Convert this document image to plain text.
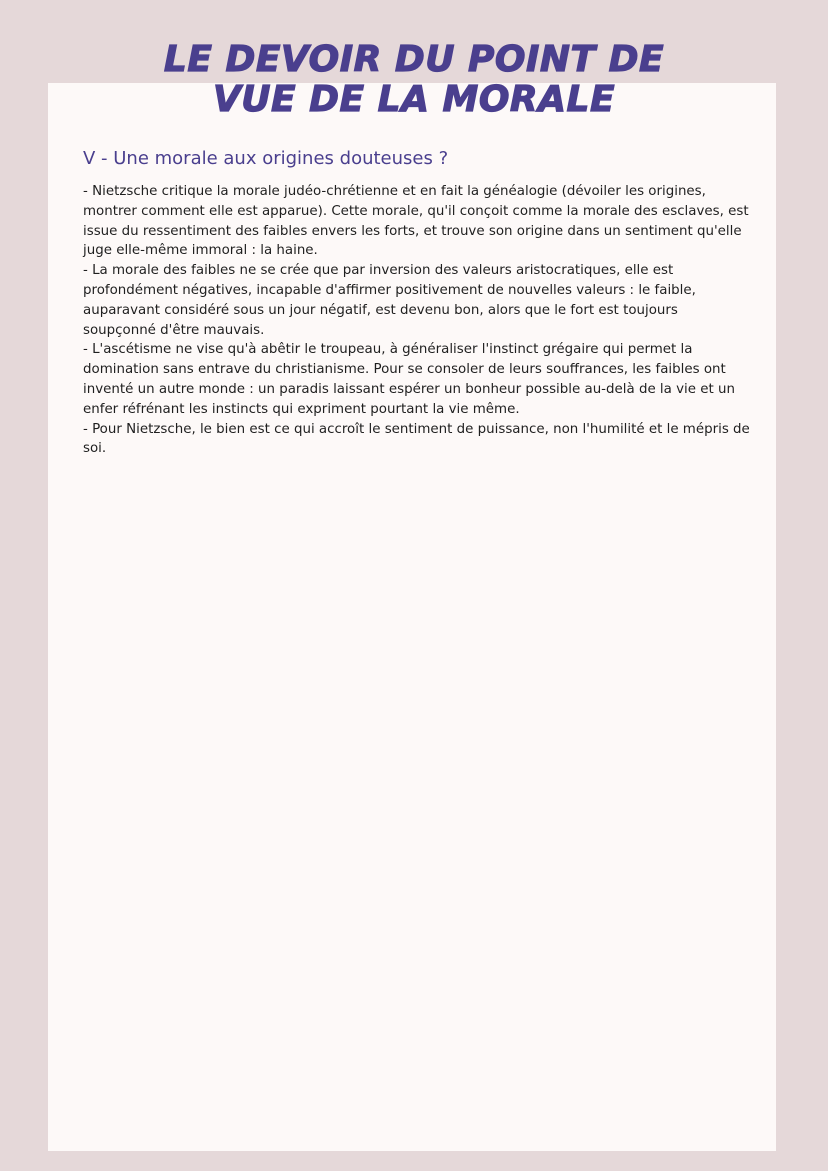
LE DEVOIR DU POINT DE
VUE DE LA MORALE
V - Une morale aux origines douteuses ?

- Nietzsche critique la morale judéo-chrétienne et en fait la généalogie (dévoiler les origines, montrer comment elle est apparue). Cette morale, qu'il conçoit comme la morale des esclaves, est issue du ressentiment des faibles envers les forts, et trouve son origine dans un sentiment qu'elle juge elle-même immoral : la haine.

- La morale des faibles ne se crée que par inversion des valeurs aristocratiques, elle est profondément négatives, incapable d'affirmer positivement de nouvelles valeurs : le faible, auparavant considéré sous un jour négatif, est devenu bon, alors que le fort est toujours soupçonné d'être mauvais.

- L'ascétisme ne vise qu'à abêtir le troupeau, à généraliser l'instinct grégaire qui permet la domination sans entrave du christianisme. Pour se consoler de leurs souffrances, les faibles ont inventé un autre monde : un paradis laissant espérer un bonheur possible au-delà de la vie et un enfer réfrénant les instincts qui expriment pourtant la vie même.

- Pour Nietzsche, le bien est ce qui accroît le sentiment de puissance, non l'humilité et le mépris de soi.
